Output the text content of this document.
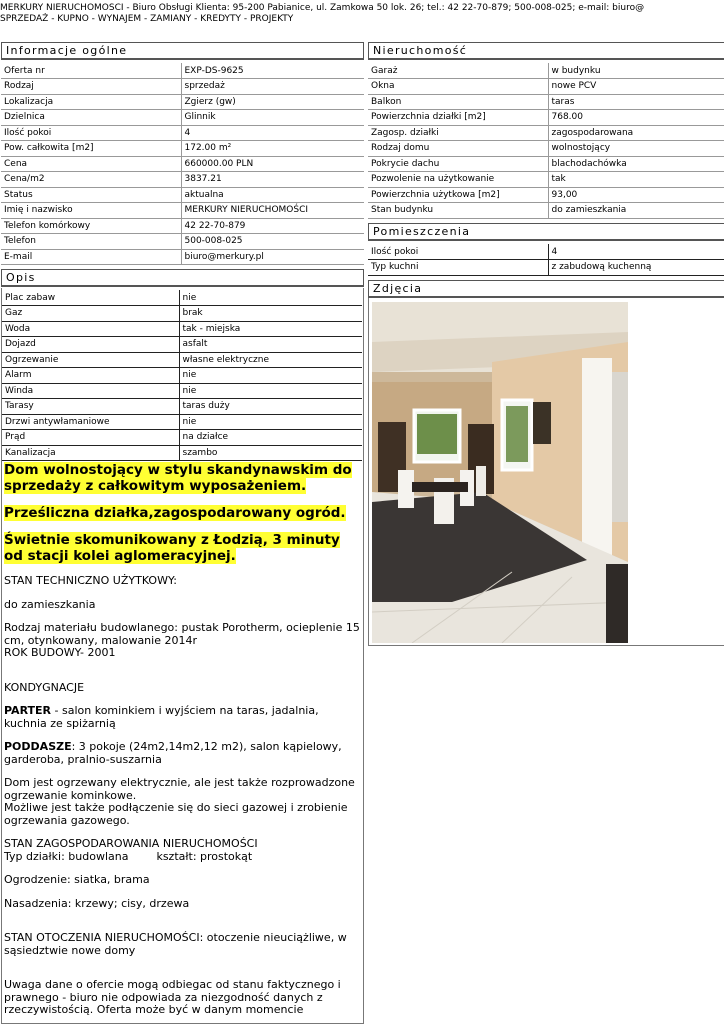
MERKURY NIERUCHOMOŚCI - Biuro Obsługi Klienta: 95-200 Pabianice, ul. Zamkowa 50 lok. 26; tel.: 42 22-70-879; 500-008-025; e-mail: biuro@
SPRZEDAŻ - KUPNO - WYNAJEM - ZAMIANY - KREDYTY - PROJEKTY
Informacje ogólne
Oferta nr	EXP-DS-9625
Rodzaj	sprzedaż
Lokalizacja	Zgierz (gw)
Dzielnica	Glinnik
Ilość pokoi	4
Pow. całkowita [m2]	172.00 m²
Cena	660000.00 PLN
Cena/m2	3837.21
Status	aktualna
Imię i nazwisko	MERKURY NIERUCHOMOŚCI
Telefon komórkowy	42 22-70-879
Telefon	500-008-025
E-mail	biuro@merkury.pl
Opis
Plac zabaw	nie
Gaz	brak
Woda	tak - miejska
Dojazd	asfalt
Ogrzewanie	własne elektryczne
Alarm	nie
Winda	nie
Tarasy	taras duży
Drzwi antywłamaniowe	nie
Prąd	na działce
Kanalizacja	szambo
Dom wolnostojący w stylu skandynawskim do sprzedaży z całkowitym wyposażeniem.
Prześliczna działka,zagospodarowany ogród.
Świetnie skomunikowany z Łodzią, 3 minuty od stacji kolei aglomeracyjnej.

STAN TECHNICZNO UŻYTKOWY:

do zamieszkania

Rodzaj materiału budowlanego: pustak Porotherm, ocieplenie 15 cm, otynkowany, malowanie 2014r
ROK BUDOWY- 2001

KONDYGNACJE

PARTER - salon kominkiem i wyjściem na taras, jadalnia, kuchnia ze spiżarnią

PODDASZE: 3 pokoje (24m2,14m2,12 m2), salon kąpielowy, garderoba, pralnio-suszarnia

Dom jest ogrzewany elektrycznie, ale jest także rozprowadzone ogrzewanie kominkowe.
Możliwe jest także podłączenie się do sieci gazowej i zrobienie ogrzewania gazowego.

STAN ZAGOSPODAROWANIA NIERUCHOMOŚCI
Typ działki: budowlana        kształt: prostokąt

Ogrodzenie: siatka, brama

Nasadzenia: krzewy; cisy, drzewa

STAN OTOCZENIA NIERUCHOMOŚCI: otoczenie nieuciążliwe, w sąsiedztwie nowe domy

Uwaga dane o ofercie mogą odbiegac od stanu faktycznego i prawnego - biuro nie odpowiada za niezgodność danych z rzeczywistością. Oferta może być w danym momencie

Nieruchomość
Garaż	w budynku
Okna	nowe PCV
Balkon	taras
Powierzchnia działki [m2]	768.00
Zagosp. działki	zagospodarowana
Rodzaj domu	wolnostojący
Pokrycie dachu	blachodachówka
Pozwolenie na użytkowanie	tak
Powierzchnia użytkowa [m2]	93,00
Stan budynku	do zamieszkania
Pomieszczenia
Ilość pokoi	4
Typ kuchni	z zabudową kuchenną
Zdjęcia
